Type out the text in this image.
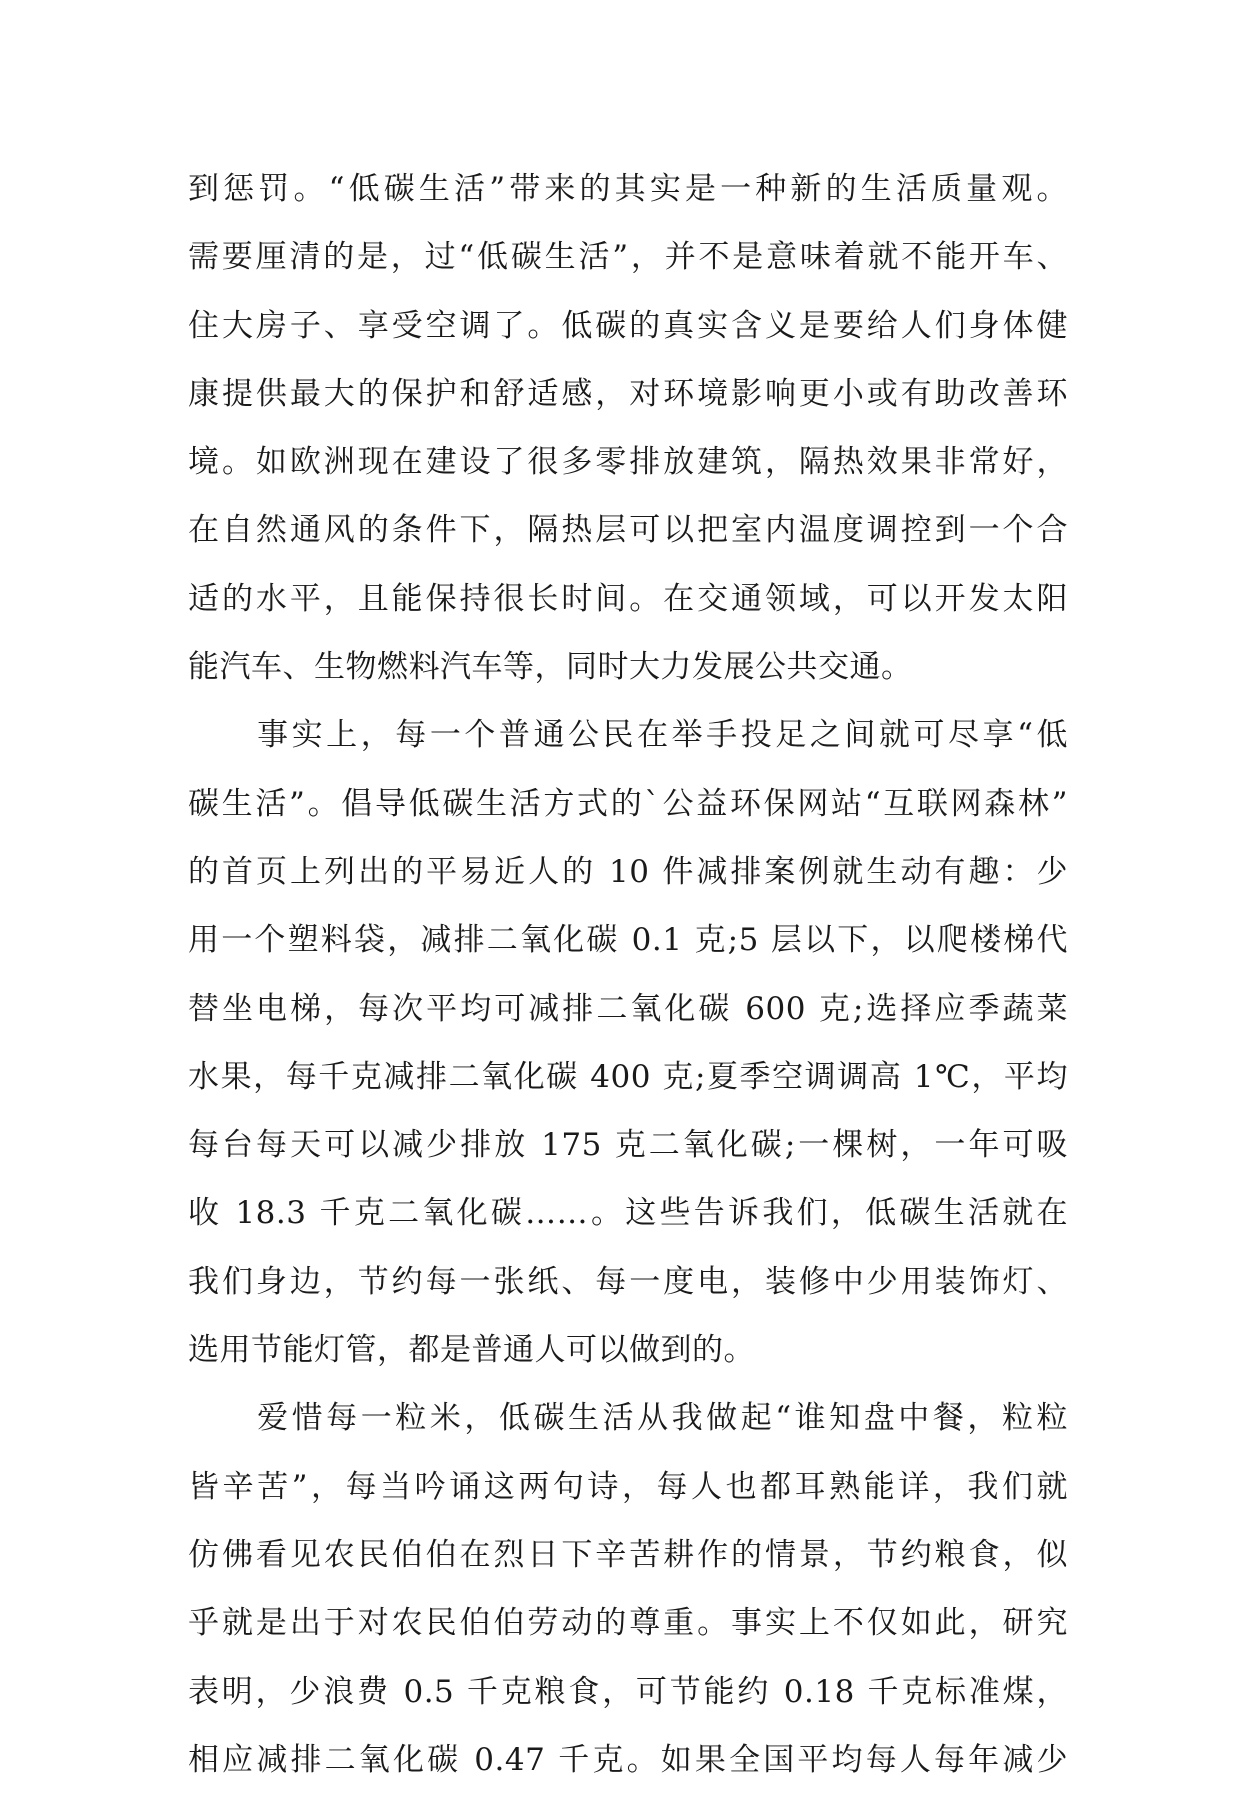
到惩罚。“低碳生活”带来的其实是一种新的生活质量观。
需要厘清的是，过“低碳生活”，并不是意味着就不能开车、
住大房子、享受空调了。低碳的真实含义是要给人们身体健
康提供最大的保护和舒适感，对环境影响更小或有助改善环
境。如欧洲现在建设了很多零排放建筑，隔热效果非常好，
在自然通风的条件下，隔热层可以把室内温度调控到一个合
适的水平，且能保持很长时间。在交通领域，可以开发太阳
能汽车、生物燃料汽车等，同时大力发展公共交通。
　　事实上，每一个普通公民在举手投足之间就可尽享“低
碳生活”。倡导低碳生活方式的`公益环保网站“互联网森林”
的首页上列出的平易近人的 10 件减排案例就生动有趣：少
用一个塑料袋，减排二氧化碳 0.1 克;5 层以下，以爬楼梯代
替坐电梯，每次平均可减排二氧化碳 600 克;选择应季蔬菜
水果，每千克减排二氧化碳 400 克;夏季空调调高 1℃，平均
每台每天可以减少排放 175 克二氧化碳;一棵树，一年可吸
收 18.3 千克二氧化碳……。这些告诉我们，低碳生活就在
我们身边，节约每一张纸、每一度电，装修中少用装饰灯、
选用节能灯管，都是普通人可以做到的。
　　爱惜每一粒米，低碳生活从我做起“谁知盘中餐，粒粒
皆辛苦”，每当吟诵这两句诗，每人也都耳熟能详，我们就
仿佛看见农民伯伯在烈日下辛苦耕作的情景，节约粮食，似
乎就是出于对农民伯伯劳动的尊重。事实上不仅如此，研究
表明，少浪费 0.5 千克粮食，可节能约 0.18 千克标准煤，
相应减排二氧化碳 0.47 千克。如果全国平均每人每年减少
